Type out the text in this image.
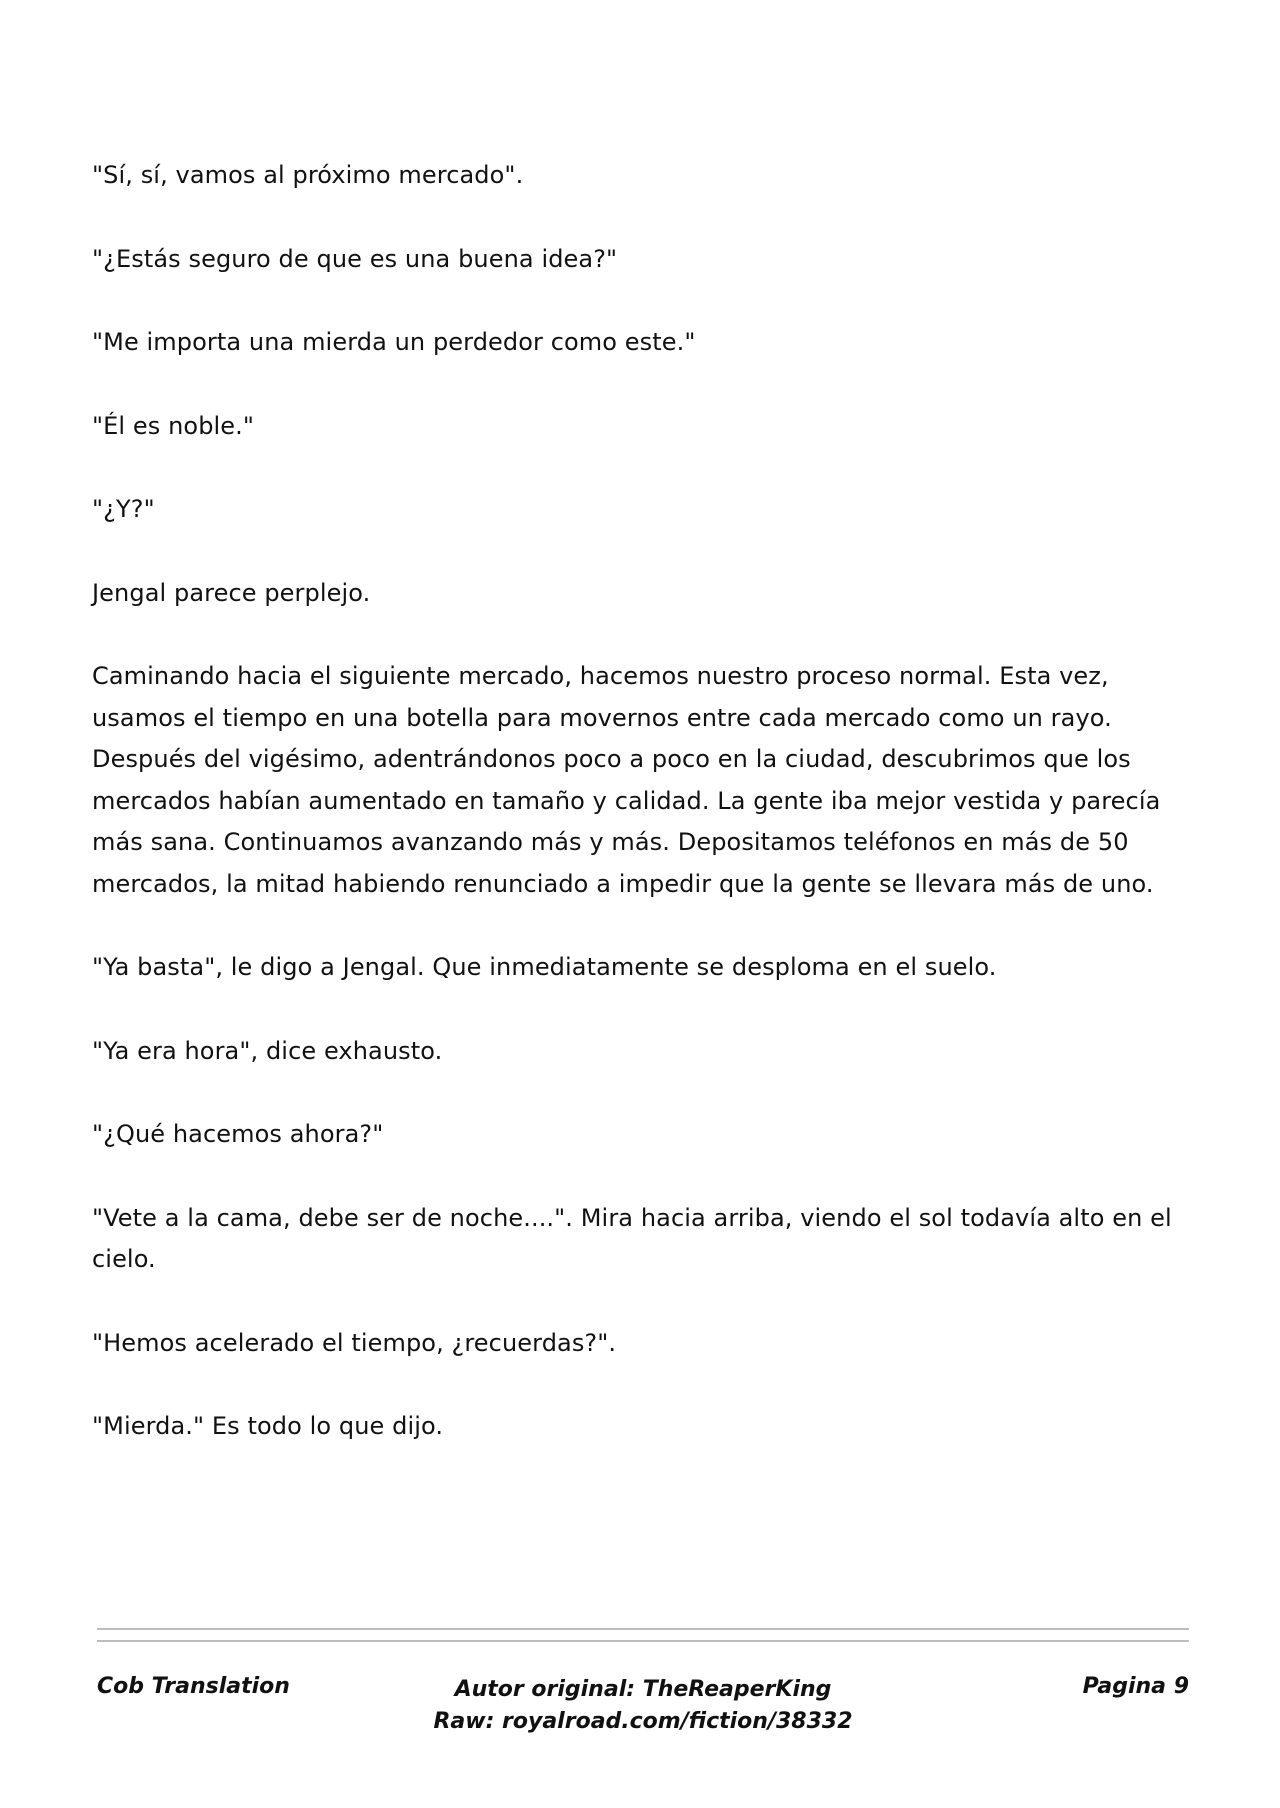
"Sí, sí, vamos al próximo mercado".

"¿Estás seguro de que es una buena idea?"

"Me importa una mierda un perdedor como este."

"Él es noble."

"¿Y?"

Jengal parece perplejo.

Caminando hacia el siguiente mercado, hacemos nuestro proceso normal. Esta vez, usamos el tiempo en una botella para movernos entre cada mercado como un rayo. Después del vigésimo, adentrándonos poco a poco en la ciudad, descubrimos que los mercados habían aumentado en tamaño y calidad. La gente iba mejor vestida y parecía más sana. Continuamos avanzando más y más. Depositamos teléfonos en más de 50 mercados, la mitad habiendo renunciado a impedir que la gente se llevara más de uno.

"Ya basta", le digo a Jengal. Que inmediatamente se desploma en el suelo.

"Ya era hora", dice exhausto.

"¿Qué hacemos ahora?"

"Vete a la cama, debe ser de noche....". Mira hacia arriba, viendo el sol todavía alto en el cielo.

"Hemos acelerado el tiempo, ¿recuerdas?".

"Mierda." Es todo lo que dijo.

Cob Translation	Autor original: TheReaperKing
Raw: royalroad.com/fiction/38332
Pagina 9
